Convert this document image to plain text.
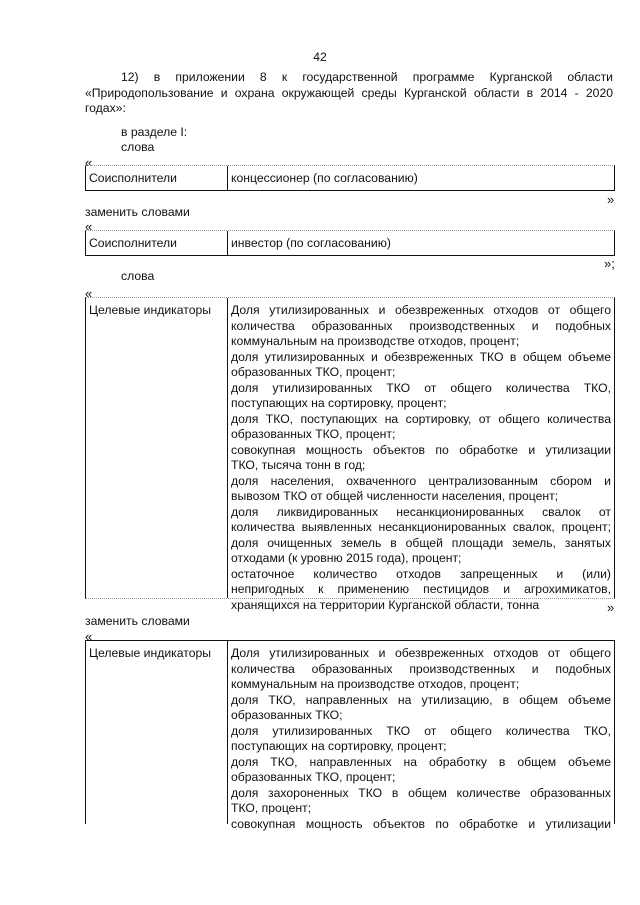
42
12) в приложении 8 к государственной программе Курганской области
«Природопользование и охрана окружающей среды Курганской области в 2014 - 2020
годах»:
в разделе I:
слова
«
Соисполнители	концессионер (по согласованию)
»
заменить словами
«
Соисполнители	инвестор (по согласованию)
»;
слова
«
Целевые индикаторы	Доля утилизированных и обезвреженных отходов от общего
количества образованных производственных и подобных
коммунальным на производстве отходов, процент;
доля утилизированных и обезвреженных ТКО в общем объеме
образованных ТКО, процент;
доля утилизированных ТКО от общего количества ТКО,
поступающих на сортировку, процент;
доля ТКО, поступающих на сортировку, от общего количества
образованных ТКО, процент;
совокупная мощность объектов по обработке и утилизации
ТКО, тысяча тонн в год;
доля населения, охваченного централизованным сбором и
вывозом ТКО от общей численности населения, процент;
доля ликвидированных несанкционированных свалок от
количества выявленных несанкционированных свалок, процент;
доля очищенных земель в общей площади земель, занятых
отходами (к уровню 2015 года), процент;
остаточное количество отходов запрещенных и (или)
непригодных к применению пестицидов и агрохимикатов,
хранящихся на территории Курганской области, тонна	»
заменить словами
«
Целевые индикаторы	Доля утилизированных и обезвреженных отходов от общего
количества образованных производственных и подобных
коммунальным на производстве отходов, процент;
доля ТКО, направленных на утилизацию, в общем объеме
образованных ТКО;
доля утилизированных ТКО от общего количества ТКО,
поступающих на сортировку, процент;
доля ТКО, направленных на обработку в общем объеме
образованных ТКО, процент;
доля захороненных ТКО в общем количестве образованных
ТКО, процент;
совокупная мощность объектов по обработке и утилизации
